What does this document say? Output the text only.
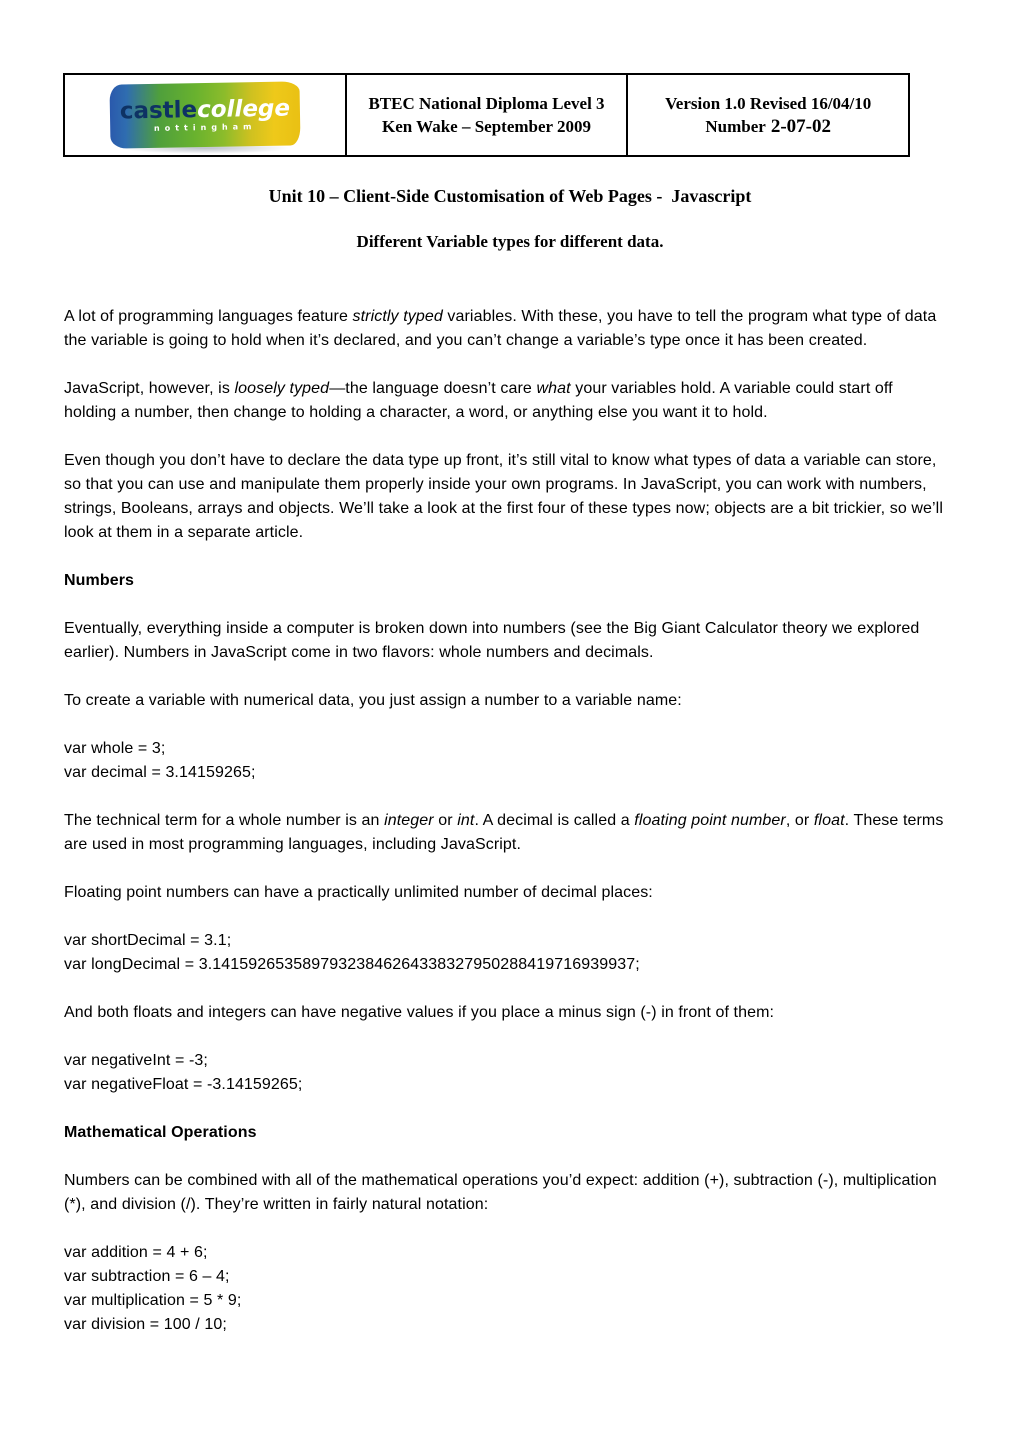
castlecollege
nottingham
BTEC National Diploma Level 3
Ken Wake – September 2009
Version 1.0 Revised 16/04/10
Number 2-07-02
Unit 10 – Client-Side Customisation of Web Pages -  Javascript
Different Variable types for different data.
A lot of programming languages feature strictly typed variables. With these, you have to tell the program what type of data the variable is going to hold when it’s declared, and you can’t change a variable’s type once it has been created.
JavaScript, however, is loosely typed—the language doesn’t care what your variables hold. A variable could start off holding a number, then change to holding a character, a word, or anything else you want it to hold.
Even though you don’t have to declare the data type up front, it’s still vital to know what types of data a variable can store, so that you can use and manipulate them properly inside your own programs. In JavaScript, you can work with numbers, strings, Booleans, arrays and objects. We’ll take a look at the first four of these types now; objects are a bit trickier, so we’ll look at them in a separate article.
Numbers
Eventually, everything inside a computer is broken down into numbers (see the Big Giant Calculator theory we explored earlier). Numbers in JavaScript come in two flavors: whole numbers and decimals.
To create a variable with numerical data, you just assign a number to a variable name:
var whole = 3;
var decimal = 3.14159265;
The technical term for a whole number is an integer or int. A decimal is called a floating point number, or float. These terms are used in most programming languages, including JavaScript.
Floating point numbers can have a practically unlimited number of decimal places:
var shortDecimal = 3.1;
var longDecimal = 3.14159265358979323846264338327950288419716939937;
And both floats and integers can have negative values if you place a minus sign (-) in front of them:
var negativeInt = -3;
var negativeFloat = -3.14159265;
Mathematical Operations
Numbers can be combined with all of the mathematical operations you’d expect: addition (+), subtraction (-), multiplication (*), and division (/). They’re written in fairly natural notation:
var addition = 4 + 6;
var subtraction = 6 – 4;
var multiplication = 5 * 9;
var division = 100 / 10;
